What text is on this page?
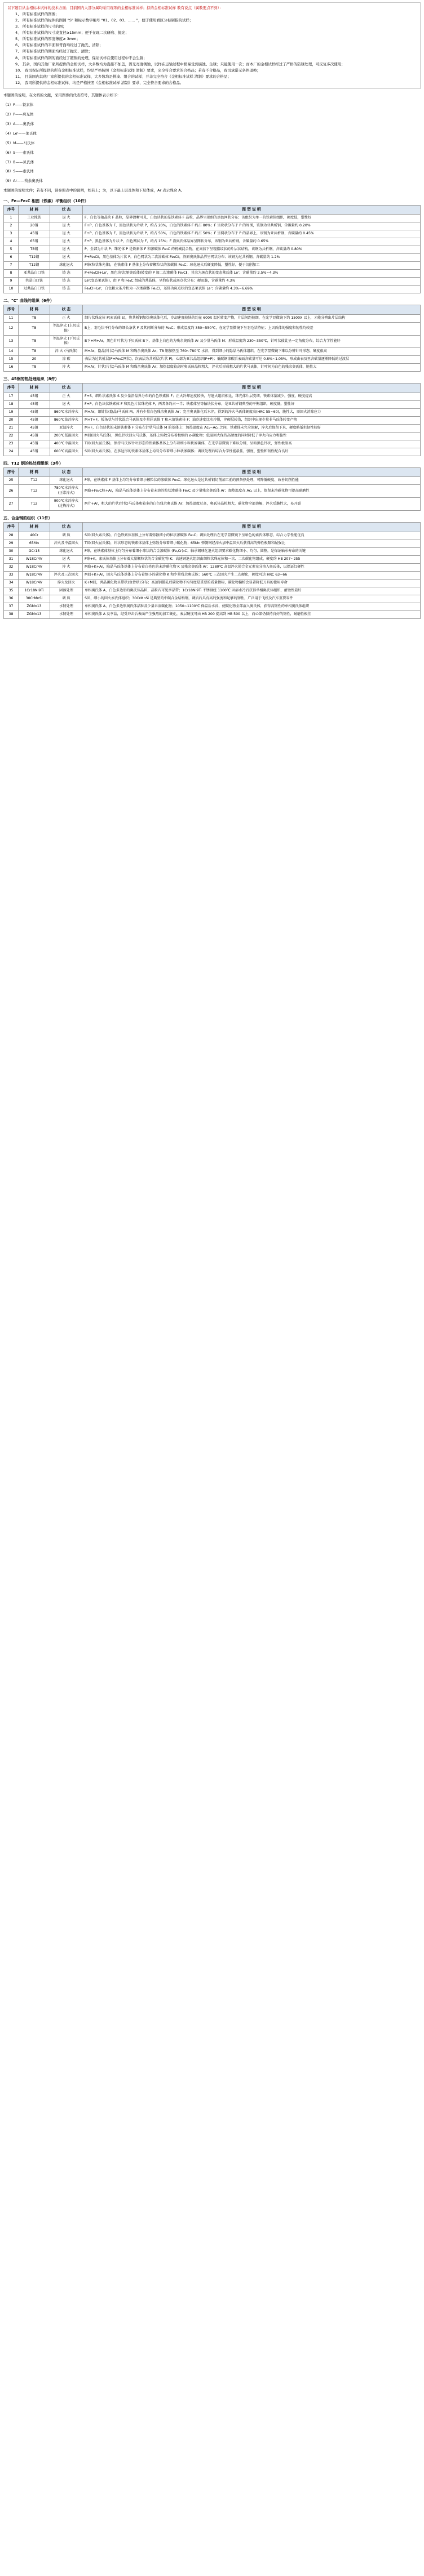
以下题目从金相标本试样的技术方面；目前国内大部分属均采用现项的金相标准试样；拟的金相标准试样 教有说点（属教要点不到）：

1、 所有标准试样的图像；

2、 所有标准试样的标件的图图 "S" 和标示数字编号 "01、02、03、…… "，便于使用看区分标别指的试样；

3、 所有标准试样的尺寸的图；

4、 所有标准试样的尺寸或直径≥15mm；便于在现二次研磨、抛光；

5、 所有标准试样的厚度薄度≥ 3mm；

6、 所有标准试样的平面和背面均经过了抛光、清除；

7、 所有标准试样的侧面均经过了抛光、清除；

8、 所有标准试样的钢的面经过了镀镍的处理，保证试样在使用过程中不会生锈；

9、 其余，国内其他厂家所提供的金相试样，大多数均为直接不加盖，因光亮度锈蚀，试样在运输过程中极易受到腐蚀、生锈；只能使用一次；而本厂的金相试样经过了严格的防锈处理，可反复多次使用；

10、 我司保证所提供的所有金相标准试样，均是严格按照《金相标准试样 清制》要求，完全符合要求的合格品；若有不合格品，我司承诺无条件退换；

11、 目前国内其他厂家所提供的金相标准试样，大多数均是拼凑、组合的试样；并非完全符合《金相标准试样 清制》要求的合格品；

12、 我司所提供的金相标准试样，均是严格按照《金相标准试样 清制》要求，完全符合要求的合格品。

本题图的说明，在文档的文献，采用图像的代表符号，其题体表示如下：

（1）F——铁素体

（2）P——珠光体

（3）A——奥氏体

（4）Le'——莱氏体

（5）M——马氏体

（6）S——索氏体

（7）B——贝氏体

（8）S——索氏体

（9）Ar——残余奥氏体

本题图的说明文件；若有不同，请参照表中的说明，如若上；为，以下最上层及体和下层体成，Ar 表示残余 A。

一、Fe—Fe₃C 相图（铁碳）平衡组织（10件）
序号	材 料	状 态	图 型 说 明
1	工业纯铁	退 火	F，白色等轴晶块 F 晶粒，晶界清晰可见，白色块状的是铁素体 F 晶粒，晶界呈现细的黑色网状分布；该组织为单一的铁素体组织，硬度低，塑性好
2	20钢	退 火	F+P，白色基体为 F，黑色块状为片状 P，约占 20%，白色的铁素体 F 约占 80%；F 呈块状分布于 P 的周围，该钢为亚共析钢，含碳量约 0.20%
3	45钢	退 火	F+P，白色基体为 F，黑色块状为片状 P，约占 50%，白色的铁素体 F 约占 50%；F 呈网状分布于 P 的晶界上，该钢为亚共析钢，含碳量约 0.45%
4	65钢	退 火	F+P，黑色基体为片状 P，白色网状为 F，约占 15%；F 沿奥氏体晶界呈网状分布，该钢为亚共析钢，含碳量约 0.65%
5	T8钢	退 火	P，全部为片状 P；珠光体 P 是铁素体 F 和渗碳体 Fe₃C 的机械混合物，在高倍下呈现指纹状的片层状结构，该钢为共析钢，含碳量约 0.80%
6	T12钢	退 火	P+Fe₃CⅡ，黑色基体为片状 P，白色网状为二次渗碳体 Fe₃CⅡ，沿原奥氏体晶界呈网状分布；该钢为过共析钢，含碳量约 1.2%
7	T12钢	球化退火	P球(粒状珠光体)，在铁素体 F 基体上分布着颗粒状的渗碳体 Fe₃C；球化退火后硬度降低，塑性好，便于切削加工
8	亚共晶白口铁	铸 态	P+Fe₃CⅡ+Le'，黑色块状(原奥氏体)转变的 P 加二次渗碳体 Fe₃CⅡ，其余为斑点状的变态莱氏体 Le'；含碳量约 2.5%~4.3%
9	共晶白口铁	铸 态	Le'(变态莱氏体)，由 P 和 Fe₃C 组成的共晶体，呈豹皮状或斑点状分布；硬而脆，含碳量约 4.3%
10	过共晶白口铁	铸 态	Fe₃CⅠ+Le'，白色粗大条片状为一次渗碳体 Fe₃CⅠ，基体为斑点状的变态莱氏体 Le'；含碳量约 4.3%~6.69%
二、"C" 曲线的组织（6件）
序号	材 料	状 态	图 型 说 明
11	T8	正 火	细片状珠光体 P(索氏体 S)，将共析钢加热奥氏体化后，冷却速度较快的约在 600X 温区转变产物，片层间距较细，在光学显微镜下约 1500X 以上，才能分辨出片层结构
12	T8	等温淬火 (上贝氏体)	B上，羽毛状平行分布的细长条状 F 及其间断分布的 Fe₃C；形成温度约 350~550℃，在光学显微镜下呈羽毛状特征；上贝氏体的强度和韧性均较差
13	T8	等温淬火 (下贝氏体)	B下+M+Ar，黑色针叶状为下贝氏体 B下，基体上白色的为残余奥氏体 Ar 及少量马氏体 M；形成温度约 230~350℃，针叶状彼此呈一定角度分布，综合力学性能好
14	T8	淬 火 (马氏体)	M+Ar，隐晶(针状)马氏体 M 和残余奥氏体 Ar；T8 钢加热至 760~780℃ 水淬，得到细小的隐晶马氏体组织，在光学显微镜下难以分辨针叶形态，硬度很高
15	20	渗 碳	表层为过共析层(P+Fe₃C网状)，次表层为共析层(片状 P)，心部为亚共晶组织(F+P)；低碳钢渗碳后表面含碳量可达 0.8%~1.05%，形成由表及里含碳量逐渐降低的过渡层
16	T8	淬 火	M+Ar，针状(片状)马氏体 M 和残余奥氏体 Ar；加热温度较高时奥氏体晶粒粗大，淬火后形成粗大的片状马氏体，针叶间为白色的残余奥氏体，脆性大
三、45钢的热处理组织（8件）
序号	材 料	状 态	图 型 说 明
17	45钢	正 火	F+S，细片状索氏体 S 及少量沿晶界分布的白色铁素体 F；正火冷却速度较快，与退火组织相比，珠光体片层变细，铁素体量减少，强度、硬度提高
18	45钢	退 火	F+P，白色块状铁素体 F 和黑色片状珠光体 P，两者各约占一半；铁素体呈等轴块状分布，是亚共析钢典型的平衡组织，硬度低，塑性好
19	45钢	860℃水冷淬火	M+Ar，细针状(隐晶)马氏体 M，并有少量白色残余奥氏体 Ar；完全奥氏体化后水淬，得到的淬火马氏体硬度高(HRC 55~60)，脆性大，需回火消除应力
20	45钢	860℃油冷淬火	M+T+F，板条状与针状混合马氏体及少量屈氏体 T 和未溶铁素体 F；油冷速度比水冷慢，淬硬层较浅，组织中出现少量非马氏体转变产物
21	45钢	亚温淬火	M+F，白色块状的未溶铁素体 F 分布在针状马氏体 M 的基体上；加热温度在 Ac₁~Ac₃ 之间，铁素体未完全溶解，淬火后保留下来，硬度略低但韧性较好
22	45钢	200℃低温回火	M回(回火马氏体)，黑色针状回火马氏体，基体上弥散分布着极细的 ε-碳化物；低温回火保持高硬度的同时降低了淬火内应力和脆性
23	45钢	400℃中温回火	T回(回火屈氏体)，保持马氏体针叶形态的铁素体基体上分布着细小粒状渗碳体，在光学显微镜下难以分辨，呈暗黑色针状，弹性极限高
24	45钢	600℃高温回火	S回(回火索氏体)，在多边形的铁素体基体上均匀分布着细小粒状渗碳体；调质处理后综合力学性能最佳，强度、塑性和韧性配合良好
四、T12 钢的热处理组织（3件）
序号	材 料	状 态	图 型 说 明
25	T12	球化退火	P球，在铁素体 F 基体上均匀分布着细小颗粒状的渗碳体 Fe₃C；球化退火是过共析钢切削加工前的预备热处理，可降低硬度、改善切削性能
26	T12	780℃水冷淬火 (正常淬火)	M隐+Fe₃C粒+Ar，隐晶马氏体基体上分布着未溶的粒状渗碳体 Fe₃C 及少量残余奥氏体 Ar；加热温度在 Ac₁ 以上，保留未溶碳化物可提高耐磨性
27	T12	900℃水冷淬火 (过热淬火)	M片+Ar，粗大的片状(针状)马氏体和较多的白色残余奥氏体 Ar；加热温度过高，奥氏体晶粒粗大，碳化物全部溶解，淬火后脆性大，易开裂
五、合金钢的组织（11件）
序号	材 料	状 态	图 型 说 明
28	40Cr	调 质	S回(回火索氏体)，白色铁素体基体上分布着弥散细小的粒状渗碳体 Fe₃C；调质处理后在光学显微镜下呈暗色的索氏体形态，综合力学性能优良
29	65Mn	淬火及中温回火	T回(回火屈氏体)，针状形态的铁素体基体上弥散分布着细小碳化物；65Mn 弹簧钢经淬火加中温回火后获得高的弹性极限和屈强比
30	GCr15	球化退火	P球，在铁素体基体上均匀分布着细小球状的合金渗碳体 (Fe,Cr)₃C；轴承钢球化退火组织要求碳化物细小、均匀、圆整，是保证轴承寿命的关键
31	W18Cr4V	退 火	P球+K，索氏体基体上分布着大量颗粒状的合金碳化物 K；高速钢退火组织由细粒状珠光体和一次、二次碳化物组成，硬度约 HB 207~255
32	W18Cr4V	淬 火	M隐+K+Ar，隐晶马氏体基体上分布着白亮色的未溶碳化物 K 及残余奥氏体 Ar；1280℃ 高温淬火使合金元素充分溶入奥氏体，以保证红硬性
33	W18Cr4V	淬火及三次回火	M回+K+Ar，回火马氏体基体上分布着细小的碳化物 K 和少量残余奥氏体；560℃ 三次回火产生二次硬化，硬度可达 HRC 63~66
34	W18Cr4V	淬火及回火	K+M回，共晶碳化物呈带状(鱼骨状)分布；高速钢锻轧后碳化物不均匀度是重要的质量指标，碳化物偏析会显著降低刀具的使用寿命
35	1Cr18Ni9Ti	固溶处理	单相奥氏体 A，白色多边形的奥氏体晶粒，晶粒内可见孪晶带；1Cr18Ni9Ti 不锈钢经 1100℃ 固溶水冷后获得单相奥氏体组织，耐蚀性最好
36	30CrMnSi	调 质	S回，细小的回火索氏体组织；30CrMnSi 是典型的中碳合金结构钢，调质后具有高的强度和足够的韧性，广泛用于飞机及汽车重要零件
37	ZGMn13	水韧处理	单相奥氏体 A，白色多边形奥氏体晶粒及少量未溶碳化物；1050~1100℃ 保温后水淬，使碳化物全部溶入奥氏体，获得高韧性的单相奥氏体组织
38	ZGMn13	水韧处理	单相奥氏体 A 及孪晶，经受冲击后表面产生强烈的加工硬化，表层硬度可由 HB 200 提高到 HB 500 以上，而心部仍保持良好的韧性，耐磨性极佳
